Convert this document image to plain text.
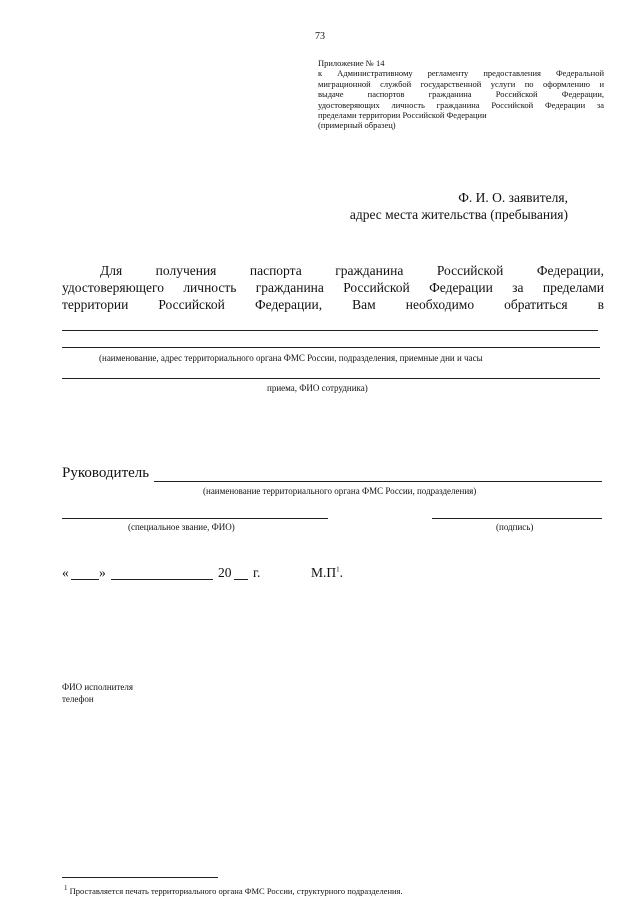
73
Приложение № 14
к Административному регламенту предоставления Федеральной
миграционной службой государственной услуги по оформлению и
выдаче паспортов гражданина Российской Федерации,
удостоверяющих личность гражданина Российской Федерации за
пределами территории Российской Федерации
(примерный образец)
Ф. И. О. заявителя,
адрес места жительства (пребывания)
Для получения паспорта гражданина Российской Федерации,
удостоверяющего личность гражданина Российской Федерации за пределами
территории Российской Федерации, Вам необходимо обратиться в
(наименование, адрес территориального органа ФМС России, подразделения, приемные дни и часы
приема, ФИО сотрудника)
Руководитель
(наименование территориального органа ФМС России, подразделения)
(специальное звание, ФИО)	(подпись)
« »	20 г.	$М.П^1$.
ФИО исполнителя
телефон
$^1$ Проставляется печать территориального органа ФМС России, структурного подразделения.
